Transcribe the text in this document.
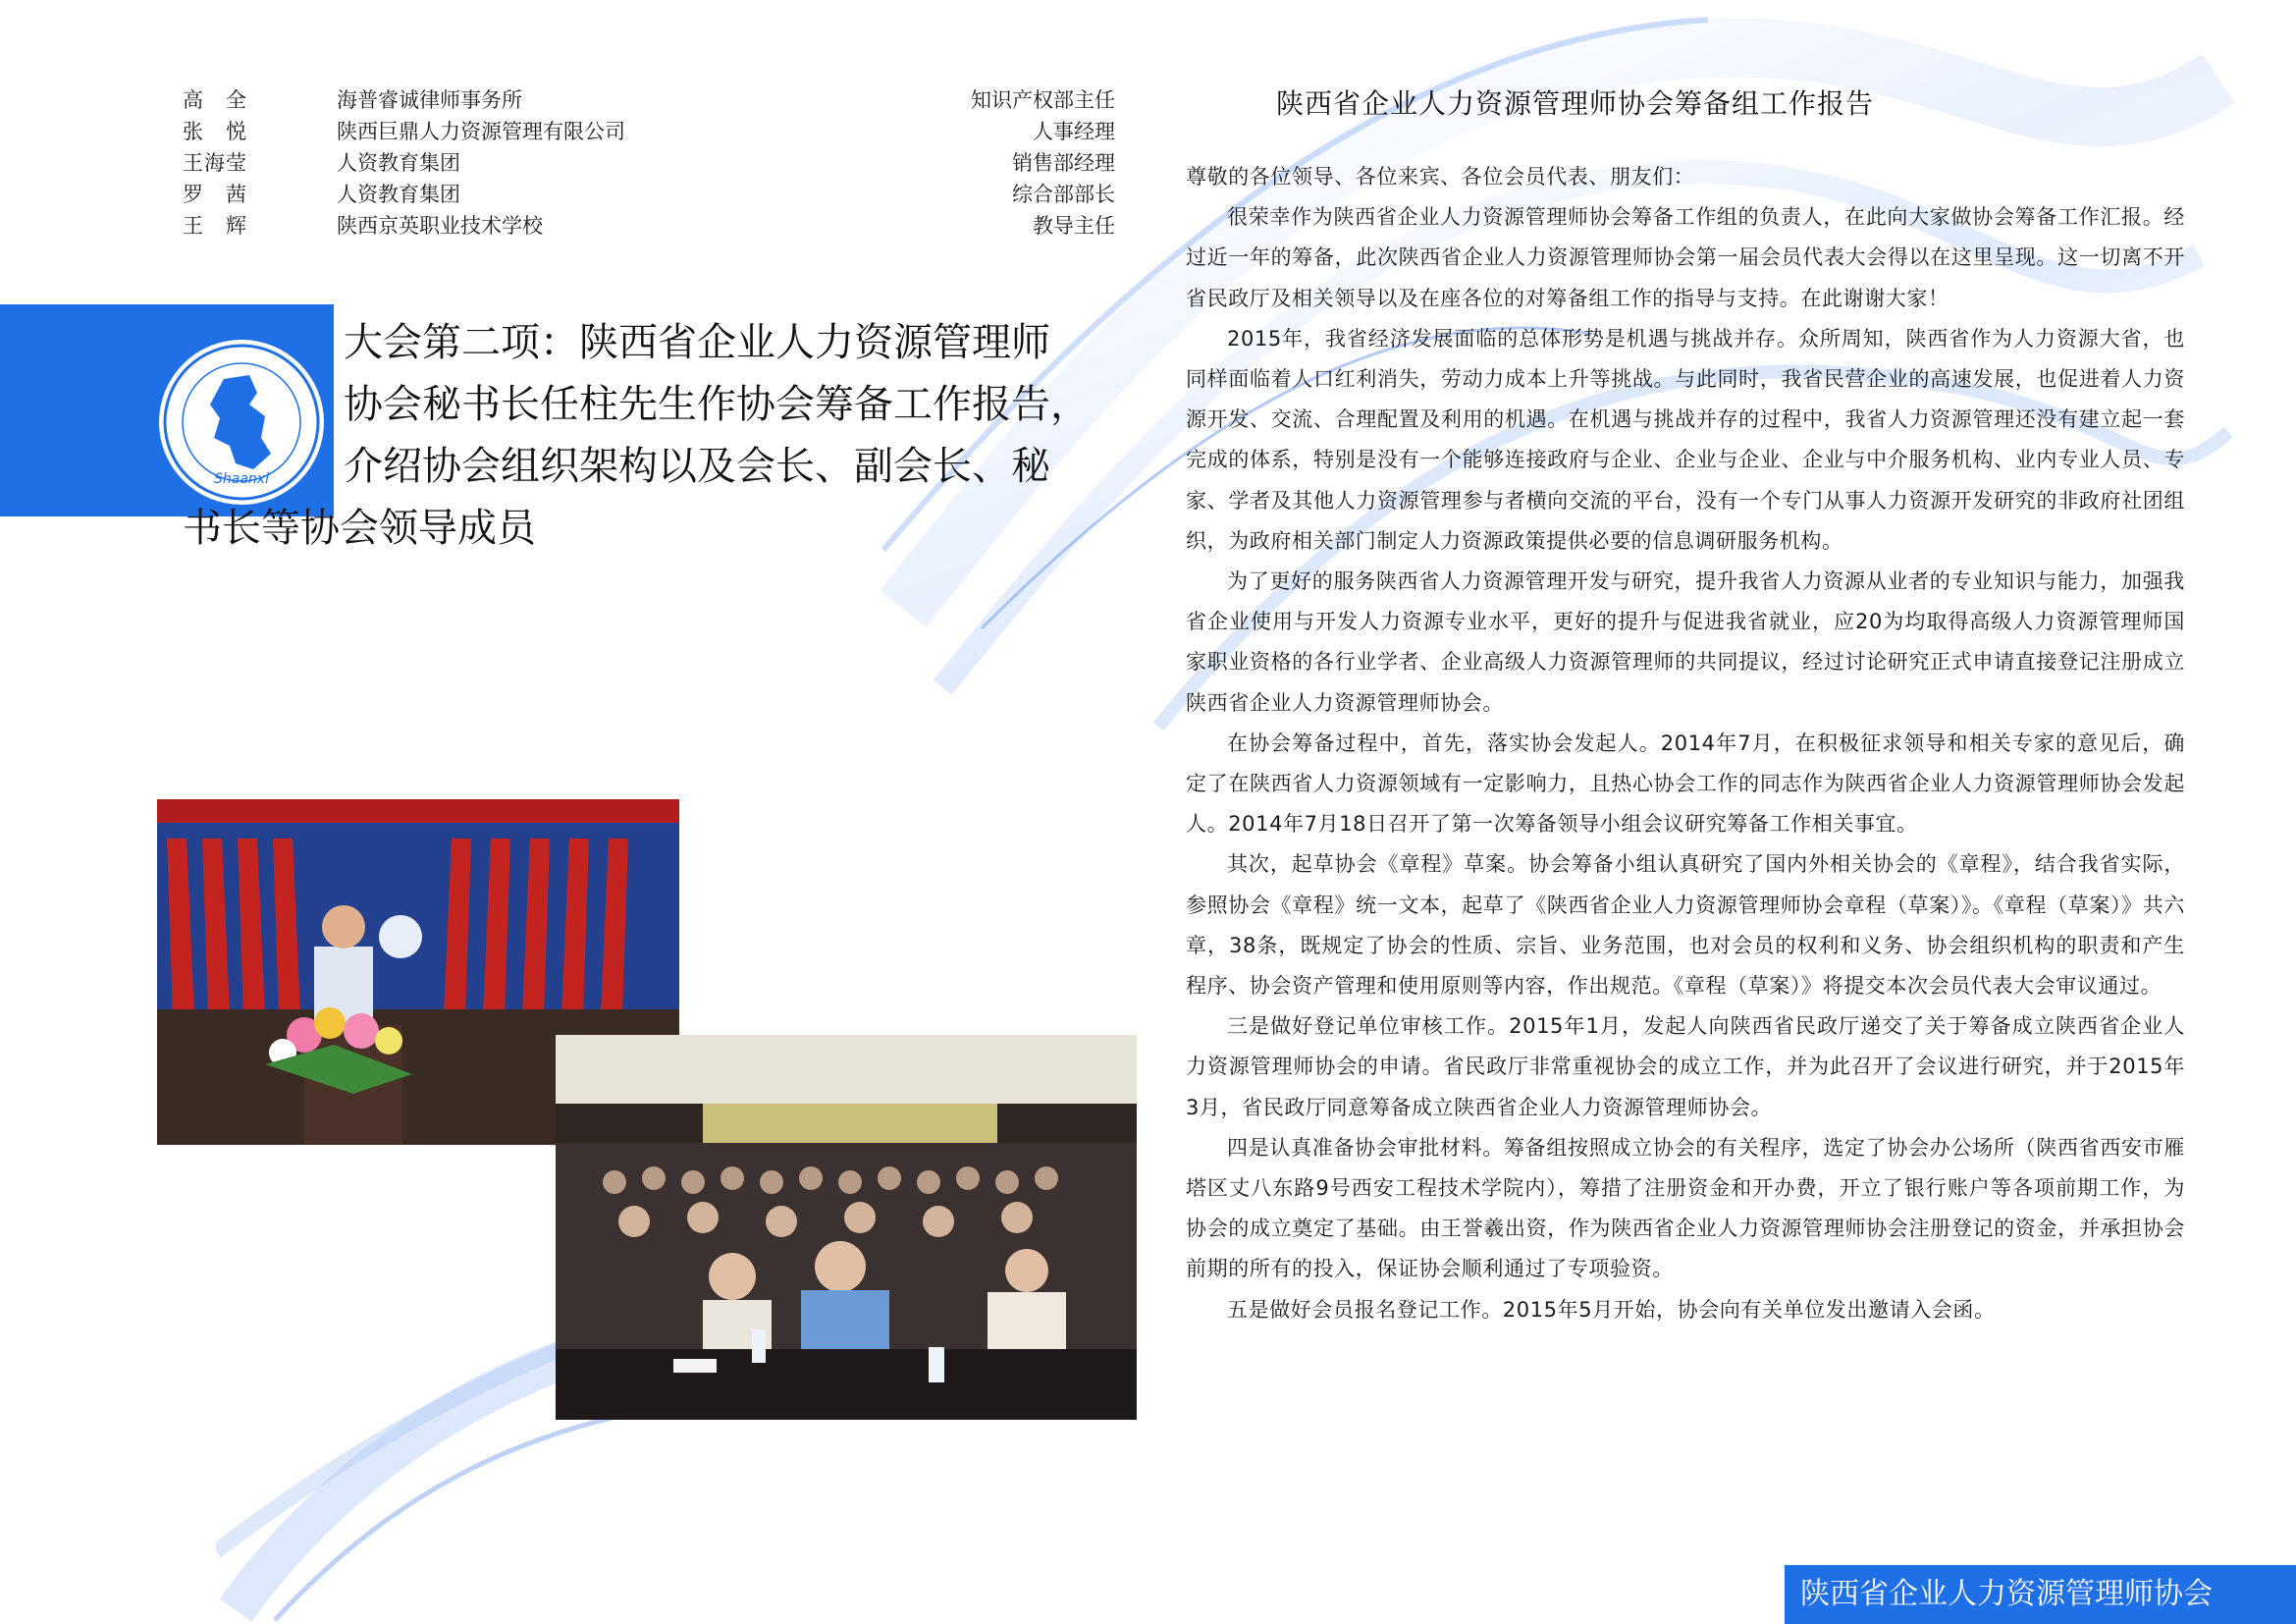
高　全	海普睿诚律师事务所	知识产权部主任
张　悦	陕西巨鼎人力资源管理有限公司	人事经理
王海莹	人资教育集团	销售部经理
罗　茜	人资教育集团	综合部部长
王　辉	陕西京英职业技术学校	教导主任
Shaanxi
大会第二项：陕西省企业人力资源管理师
协会秘书长任柱先生作协会筹备工作报告，
介绍协会组织架构以及会长、副会长、秘
书长等协会领导成员
陕西省企业人力资源管理师协会筹备组工作报告

尊敬的各位领导、各位来宾、各位会员代表、朋友们：

很荣幸作为陕西省企业人力资源管理师协会筹备工作组的负责人，在此向大家做协会筹备工作汇报。经过近一年的筹备，此次陕西省企业人力资源管理师协会第一届会员代表大会得以在这里呈现。这一切离不开省民政厅及相关领导以及在座各位的对筹备组工作的指导与支持。在此谢谢大家！

2015年，我省经济发展面临的总体形势是机遇与挑战并存。众所周知，陕西省作为人力资源大省，也同样面临着人口红利消失，劳动力成本上升等挑战。与此同时，我省民营企业的高速发展，也促进着人力资源开发、交流、合理配置及利用的机遇。在机遇与挑战并存的过程中，我省人力资源管理还没有建立起一套完成的体系，特别是没有一个能够连接政府与企业、企业与企业、企业与中介服务机构、业内专业人员、专家、学者及其他人力资源管理参与者横向交流的平台，没有一个专门从事人力资源开发研究的非政府社团组织，为政府相关部门制定人力资源政策提供必要的信息调研服务机构。

为了更好的服务陕西省人力资源管理开发与研究，提升我省人力资源从业者的专业知识与能力，加强我省企业使用与开发人力资源专业水平，更好的提升与促进我省就业，应20为均取得高级人力资源管理师国家职业资格的各行业学者、企业高级人力资源管理师的共同提议，经过讨论研究正式申请直接登记注册成立陕西省企业人力资源管理师协会。

在协会筹备过程中，首先，落实协会发起人。2014年7月，在积极征求领导和相关专家的意见后，确定了在陕西省人力资源领域有一定影响力，且热心协会工作的同志作为陕西省企业人力资源管理师协会发起人。2014年7月18日召开了第一次筹备领导小组会议研究筹备工作相关事宜。

其次，起草协会《章程》草案。协会筹备小组认真研究了国内外相关协会的《章程》，结合我省实际，参照协会《章程》统一文本，起草了《陕西省企业人力资源管理师协会章程（草案）》。《章程（草案）》共六章，38条，既规定了协会的性质、宗旨、业务范围，也对会员的权利和义务、协会组织机构的职责和产生程序、协会资产管理和使用原则等内容，作出规范。《章程（草案）》将提交本次会员代表大会审议通过。

三是做好登记单位审核工作。2015年1月，发起人向陕西省民政厅递交了关于筹备成立陕西省企业人力资源管理师协会的申请。省民政厅非常重视协会的成立工作，并为此召开了会议进行研究，并于2015年3月，省民政厅同意筹备成立陕西省企业人力资源管理师协会。

四是认真准备协会审批材料。筹备组按照成立协会的有关程序，选定了协会办公场所（陕西省西安市雁塔区丈八东路9号西安工程技术学院内），筹措了注册资金和开办费，开立了银行账户等各项前期工作，为协会的成立奠定了基础。由王誉羲出资，作为陕西省企业人力资源管理师协会注册登记的资金，并承担协会前期的所有的投入，保证协会顺利通过了专项验资。

五是做好会员报名登记工作。2015年5月开始，协会向有关单位发出邀请入会函。

陕西省企业人力资源管理师协会
